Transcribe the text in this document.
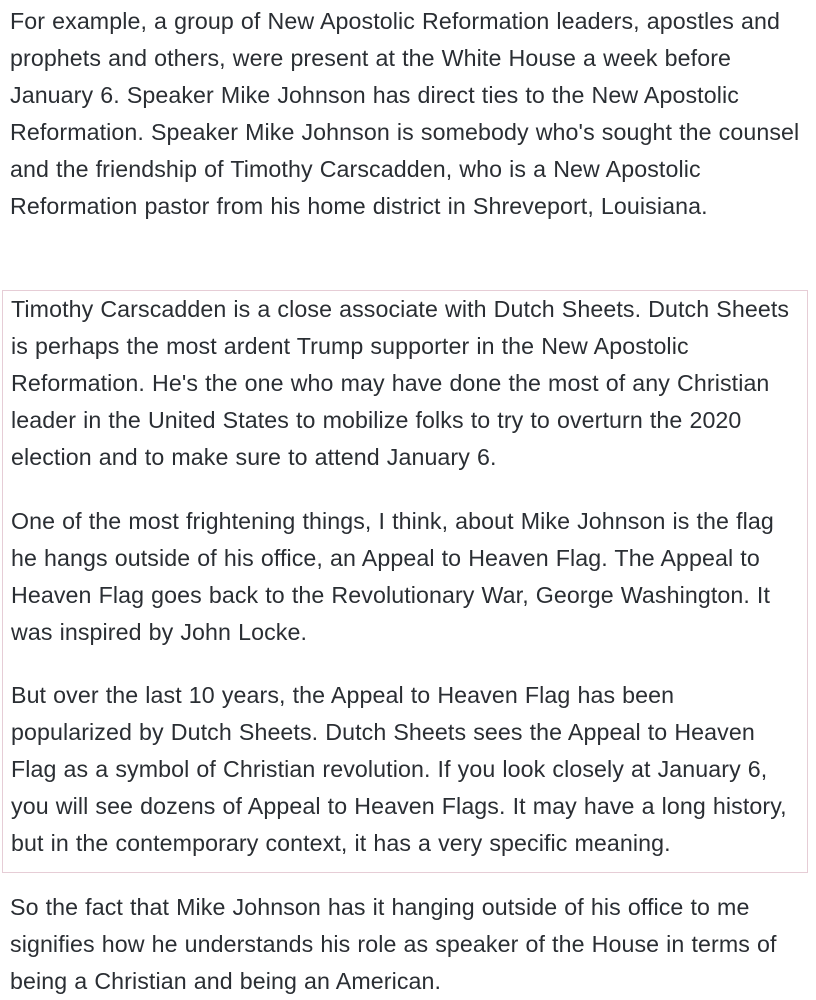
For example, a group of New Apostolic Reformation leaders, apostles and prophets and others, were present at the White House a week before January 6. Speaker Mike Johnson has direct ties to the New Apostolic Reformation. Speaker Mike Johnson is somebody who's sought the counsel and the friendship of Timothy Carscadden, who is a New Apostolic Reformation pastor from his home district in Shreveport, Louisiana.

Timothy Carscadden is a close associate with Dutch Sheets. Dutch Sheets is perhaps the most ardent Trump supporter in the New Apostolic Reformation. He's the one who may have done the most of any Christian leader in the United States to mobilize folks to try to overturn the 2020 election and to make sure to attend January 6.

One of the most frightening things, I think, about Mike Johnson is the flag he hangs outside of his office, an Appeal to Heaven Flag. The Appeal to Heaven Flag goes back to the Revolutionary War, George Washington. It was inspired by John Locke.

But over the last 10 years, the Appeal to Heaven Flag has been popularized by Dutch Sheets. Dutch Sheets sees the Appeal to Heaven Flag as a symbol of Christian revolution. If you look closely at January 6, you will see dozens of Appeal to Heaven Flags. It may have a long history, but in the contemporary context, it has a very specific meaning.

So the fact that Mike Johnson has it hanging outside of his office to me signifies how he understands his role as speaker of the House in terms of being a Christian and being an American.
